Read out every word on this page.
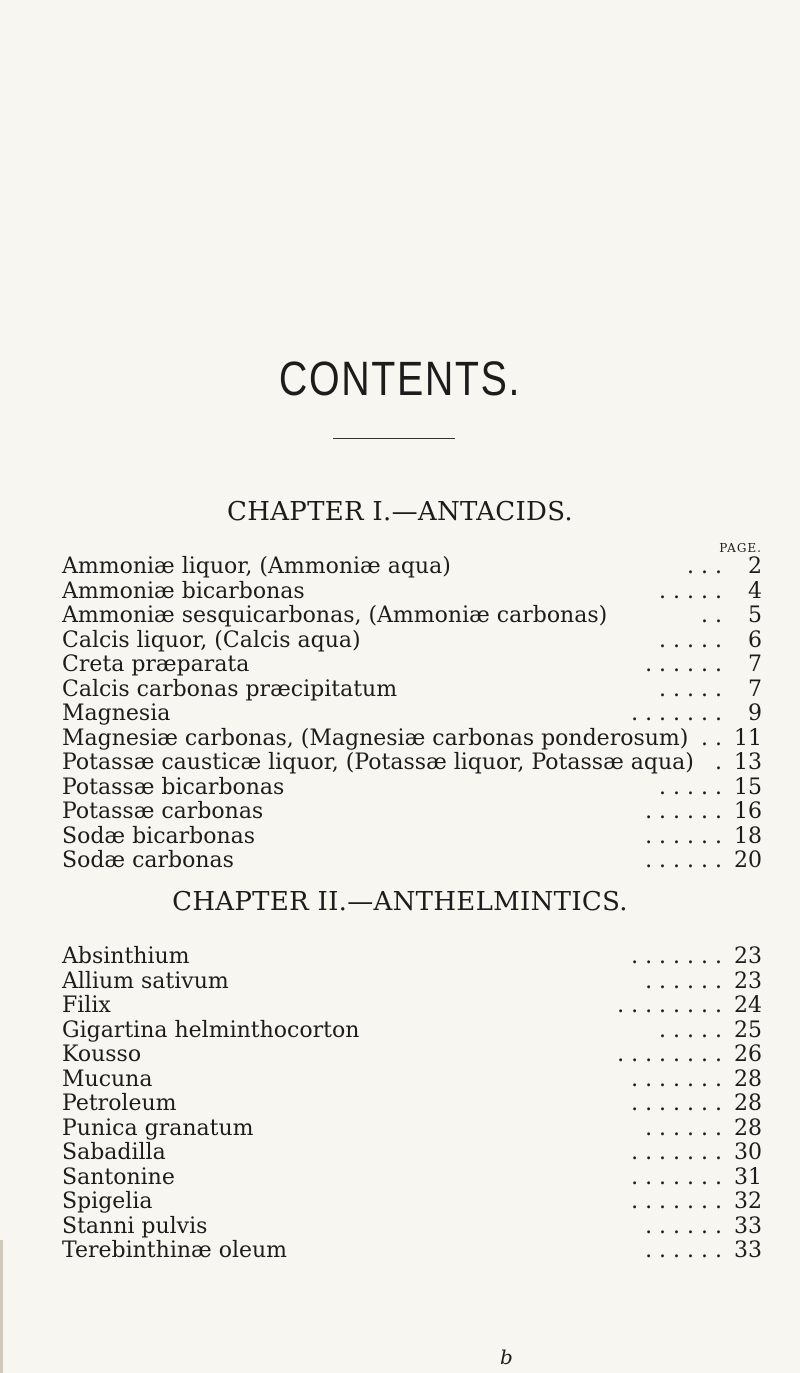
CONTENTS.
CHAPTER I.—ANTACIDS.
PAGE.
Ammoniæ liquor, (Ammoniæ aqua)	. . . 2
Ammoniæ bicarbonas	. . . . . 4
Ammoniæ sesquicarbonas, (Ammoniæ carbonas)	. . 5
Calcis liquor, (Calcis aqua)	. . . . . 6
Creta præparata	. . . . . . 7
Calcis carbonas præcipitatum	. . . . . 7
Magnesia	. . . . . . . 9
Magnesiæ carbonas, (Magnesiæ carbonas ponderosum) . . 11
Potassæ causticæ liquor, (Potassæ liquor, Potassæ aqua) . 13
Potassæ bicarbonas	. . . . . 15
Potassæ carbonas	. . . . . . 16
Sodæ bicarbonas	. . . . . . 18
Sodæ carbonas	. . . . . . 20
CHAPTER II.—ANTHELMINTICS.
Absinthium	. . . . . . . 23
Allium sativum	. . . . . . 23
Filix	. . . . . . . . 24
Gigartina helminthocorton	. . . . . 25
Kousso	. . . . . . . . 26
Mucuna	. . . . . . . 28
Petroleum	. . . . . . . 28
Punica granatum	. . . . . . 28
Sabadilla	. . . . . . . 30
Santonine	. . . . . . . 31
Spigelia	. . . . . . . 32
Stanni pulvis	. . . . . . 33
Terebinthinæ oleum	. . . . . . 33
b
